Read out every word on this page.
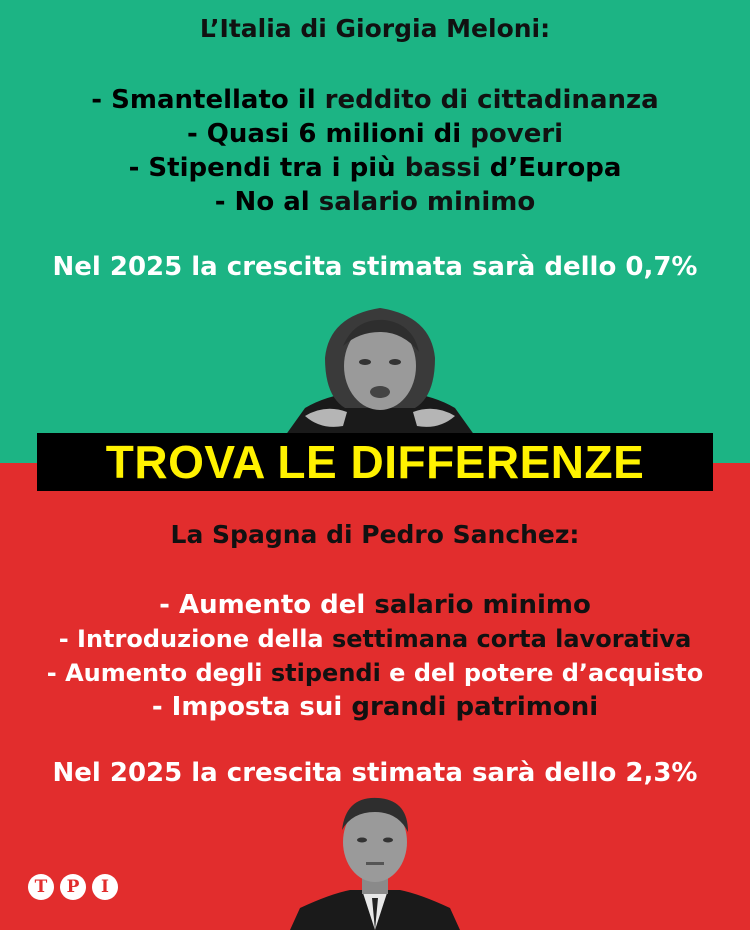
L’Italia di Giorgia Meloni:
- Smantellato il reddito di cittadinanza
- Quasi 6 milioni di poveri
- Stipendi tra i più bassi d’Europa
- No al salario minimo
Nel 2025 la crescita stimata sarà dello 0,7%
TROVA LE DIFFERENZE
La Spagna di Pedro Sanchez:
- Aumento del salario minimo
- Introduzione della settimana corta lavorativa
- Aumento degli stipendi e del potere d’acquisto
- Imposta sui grandi patrimoni
Nel 2025 la crescita stimata sarà dello 2,3%
T	P	I
